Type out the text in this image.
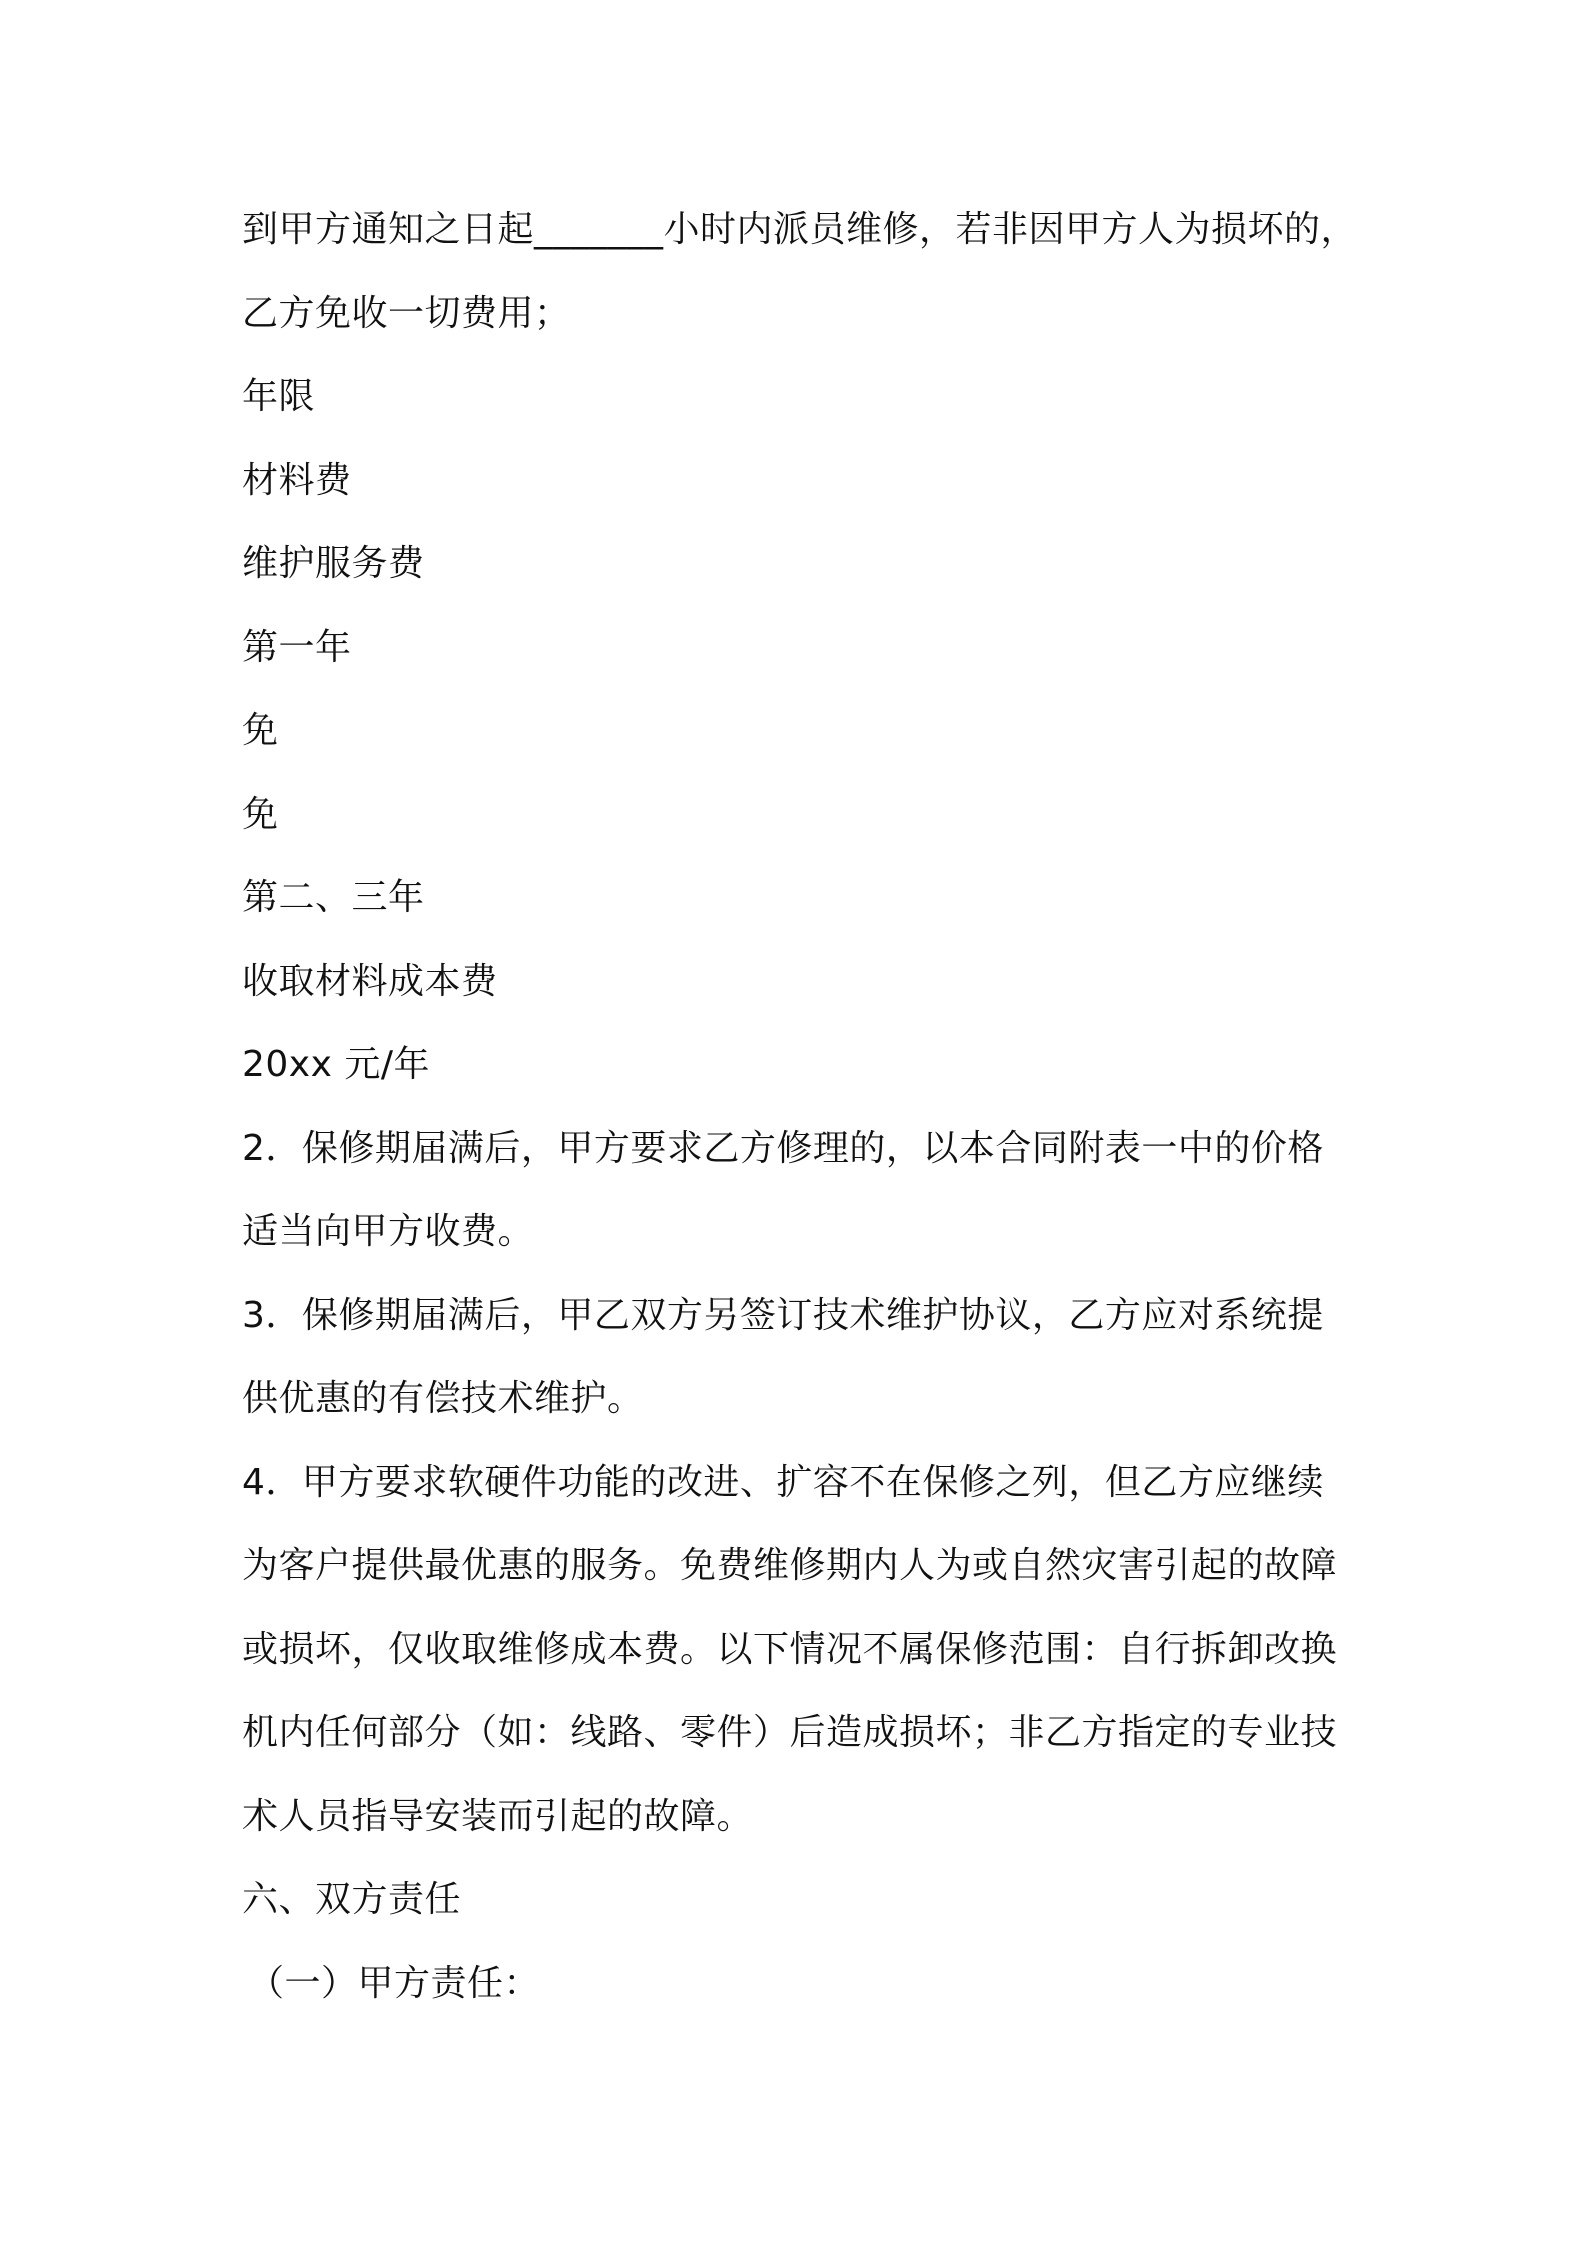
到甲方通知之日起_______小时内派员维修，若非因甲方人为损坏的，
乙方免收一切费用；
年限
材料费
维护服务费
第一年
免
免
第二、三年
收取材料成本费
20xx 元/年
2．保修期届满后，甲方要求乙方修理的，以本合同附表一中的价格
适当向甲方收费。
3．保修期届满后，甲乙双方另签订技术维护协议，乙方应对系统提
供优惠的有偿技术维护。
4．甲方要求软硬件功能的改进、扩容不在保修之列，但乙方应继续
为客户提供最优惠的服务。免费维修期内人为或自然灾害引起的故障
或损坏，仅收取维修成本费。以下情况不属保修范围：自行拆卸改换
机内任何部分（如：线路、零件）后造成损坏；非乙方指定的专业技
术人员指导安装而引起的故障。
六、双方责任
（一）甲方责任：
